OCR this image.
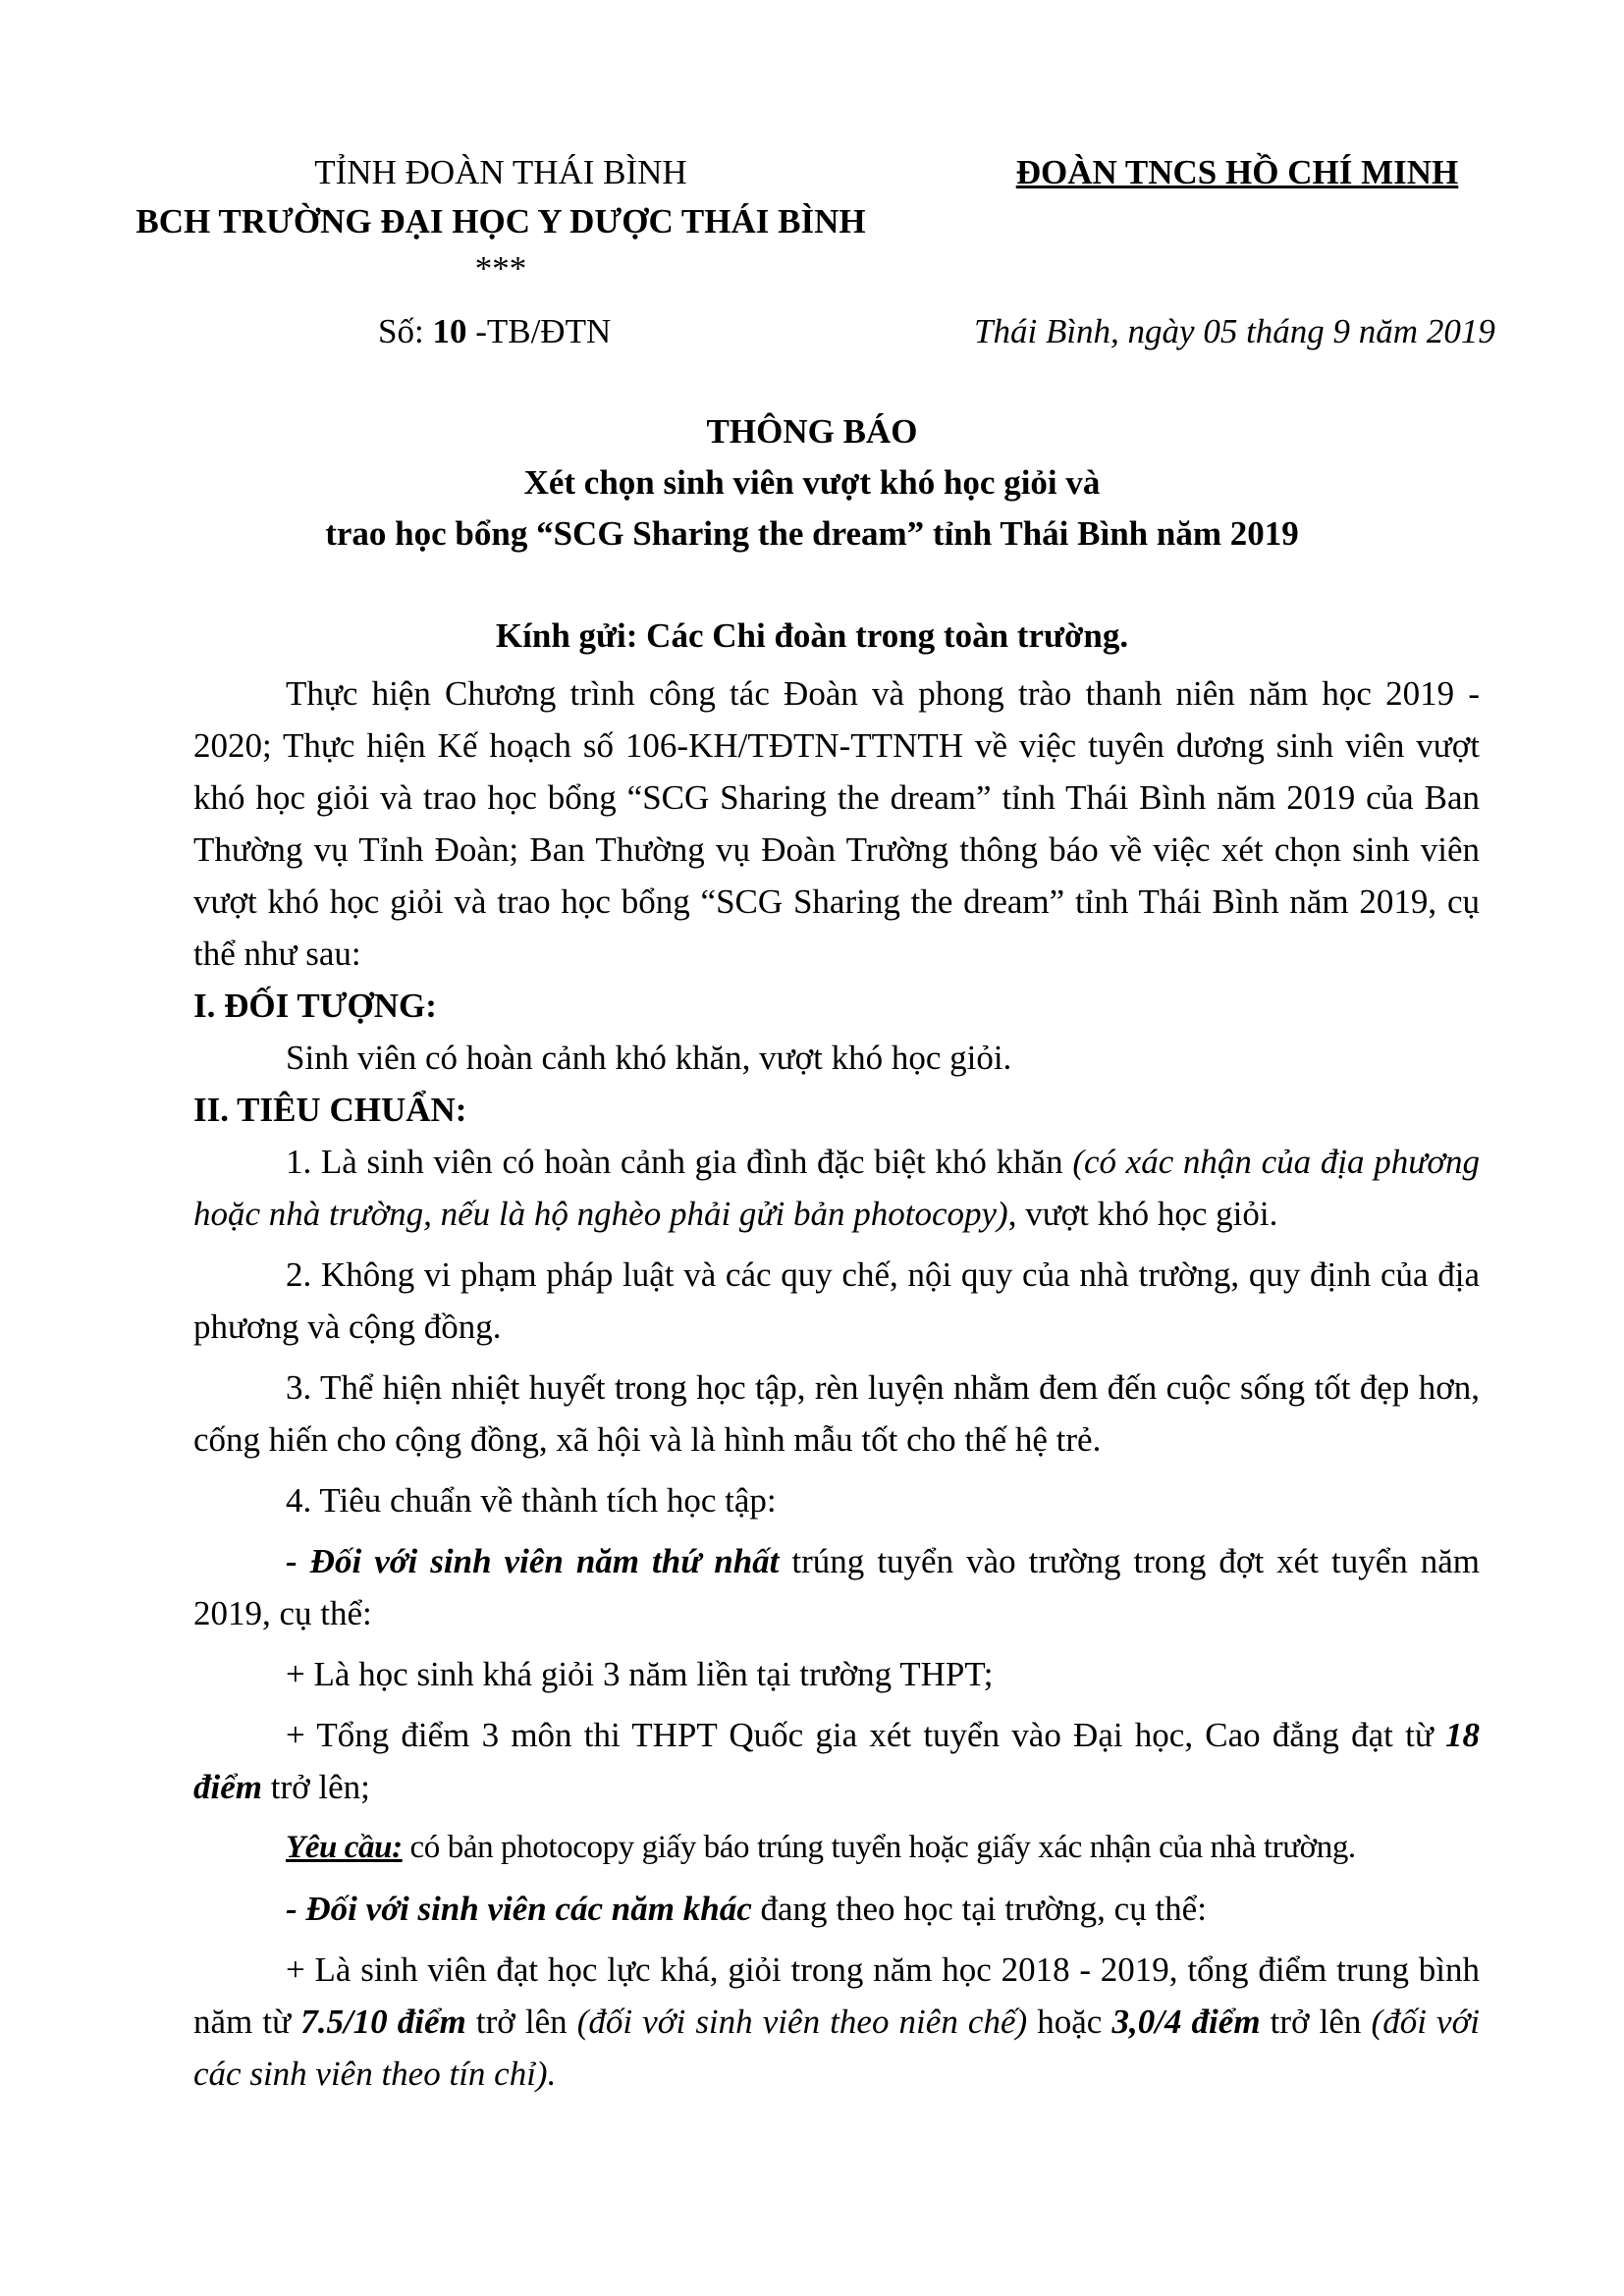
TỈNH ĐOÀN THÁI BÌNH
BCH TRƯỜNG ĐẠI HỌC Y DƯỢC THÁI BÌNH
***
Số: 10 -TB/ĐTN
ĐOÀN TNCS HỒ CHÍ MINH
Thái Bình, ngày 05 tháng 9 năm 2019
THÔNG BÁO
Xét chọn sinh viên vượt khó học giỏi và
trao học bổng “SCG Sharing the dream” tỉnh Thái Bình năm 2019
Kính gửi: Các Chi đoàn trong toàn trường.

Thực hiện Chương trình công tác Đoàn và phong trào thanh niên năm học 2019 - 2020; Thực hiện Kế hoạch số 106-KH/TĐTN-TTNTH về việc tuyên dương sinh viên vượt khó học giỏi và trao học bổng “SCG Sharing the dream” tỉnh Thái Bình năm 2019 của Ban Thường vụ Tỉnh Đoàn; Ban Thường vụ Đoàn Trường thông báo về việc xét chọn sinh viên vượt khó học giỏi và trao học bổng “SCG Sharing the dream” tỉnh Thái Bình năm 2019, cụ thể như sau:

I. ĐỐI TƯỢNG:

Sinh viên có hoàn cảnh khó khăn, vượt khó học giỏi.

II. TIÊU CHUẨN:

1. Là sinh viên có hoàn cảnh gia đình đặc biệt khó khăn (có xác nhận của địa phương hoặc nhà trường, nếu là hộ nghèo phải gửi bản photocopy), vượt khó học giỏi.

2. Không vi phạm pháp luật và các quy chế, nội quy của nhà trường, quy định của địa phương và cộng đồng.

3. Thể hiện nhiệt huyết trong học tập, rèn luyện nhằm đem đến cuộc sống tốt đẹp hơn, cống hiến cho cộng đồng, xã hội và là hình mẫu tốt cho thế hệ trẻ.

4. Tiêu chuẩn về thành tích học tập:

- Đối với sinh viên năm thứ nhất trúng tuyển vào trường trong đợt xét tuyển năm 2019, cụ thể:

+ Là học sinh khá giỏi 3 năm liền tại trường THPT;

+ Tổng điểm 3 môn thi THPT Quốc gia xét tuyển vào Đại học, Cao đẳng đạt từ 18 điểm trở lên;

Yêu cầu: có bản photocopy giấy báo trúng tuyển hoặc giấy xác nhận của nhà trường.

- Đối với sinh viên các năm khác đang theo học tại trường, cụ thể:

+ Là sinh viên đạt học lực khá, giỏi trong năm học 2018 - 2019, tổng điểm trung bình năm từ 7.5/10 điểm trở lên (đối với sinh viên theo niên chế) hoặc 3,0/4 điểm trở lên (đối với các sinh viên theo tín chỉ).
